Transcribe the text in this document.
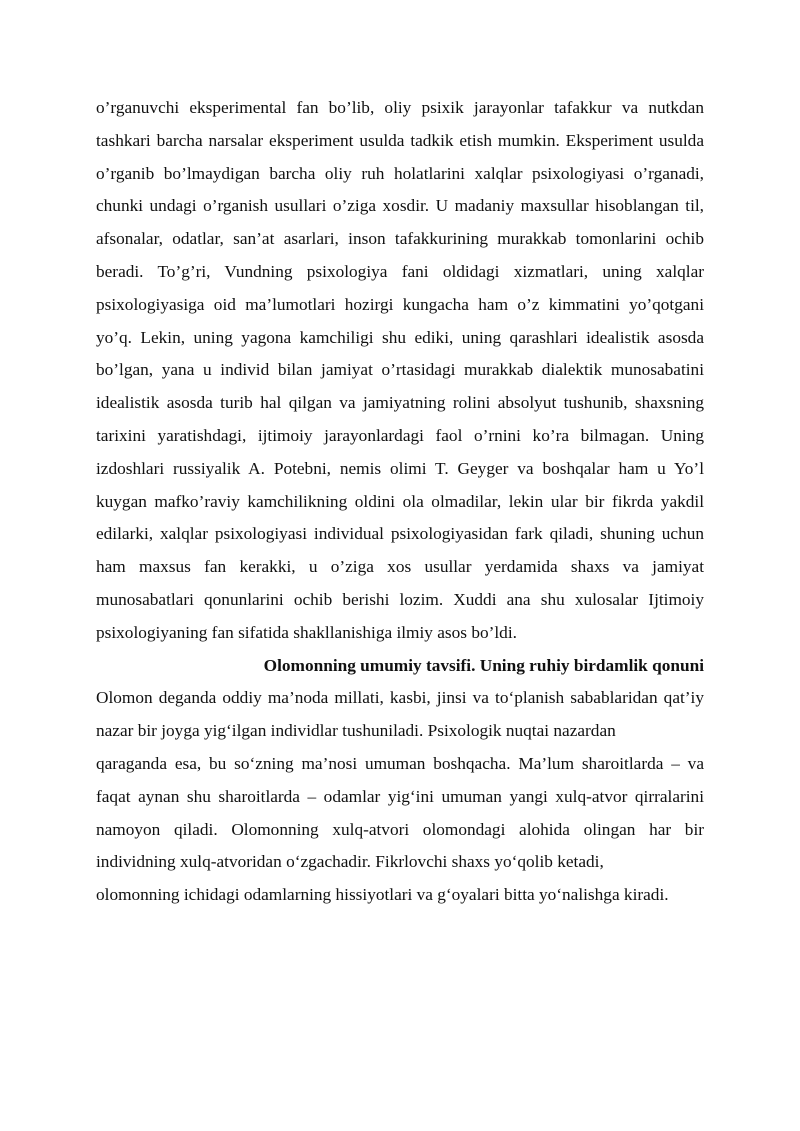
o’rganuvchi eksperimental fan bo’lib, oliy psixik jarayonlar tafakkur va nutkdan tashkari barcha narsalar eksperiment usulda tadkik etish mumkin. Eksperiment usulda o’rganib bo’lmaydigan barcha oliy ruh holatlarini xalqlar psixologiyasi o’rganadi, chunki undagi o’rganish usullari o’ziga xosdir. U madaniy maxsullar hisoblangan til, afsonalar, odatlar, san’at asarlari, inson tafakkurining murakkab tomonlarini ochib beradi. To’g’ri, Vundning psixologiya fani oldidagi xizmatlari, uning xalqlar psixologiyasiga oid ma’lumotlari hozirgi kungacha ham o’z kimmatini yo’qotgani yo’q. Lekin, uning yagona kamchiligi shu ediki, uning qarashlari idealistik asosda bo’lgan, yana u individ bilan jamiyat o’rtasidagi murakkab dialektik munosabatini idealistik asosda turib hal qilgan va jamiyatning rolini absolyut tushunib, shaxsning tarixini yaratishdagi, ijtimoiy jarayonlardagi faol o’rnini ko’ra bilmagan. Uning izdoshlari russiyalik A. Potebni, nemis olimi T. Geyger va boshqalar ham u Yo’l kuygan mafko’raviy kamchilikning oldini ola olmadilar, lekin ular bir fikrda yakdil edilarki, xalqlar psixologiyasi individual psixologiyasidan fark qiladi, shuning uchun ham maxsus fan kerakki, u o’ziga xos usullar yerdamida shaxs va jamiyat munosabatlari qonunlarini ochib berishi lozim. Xuddi ana shu xulosalar Ijtimoiy psixologiyaning fan sifatida shakllanishiga ilmiy asos bo’ldi.

Olomonning umumiy tavsifi. Uning ruhiy birdamlik qonuni

Olomon deganda oddiy ma’noda millati, kasbi, jinsi va to‘planish sabablaridan qat’iy nazar bir joyga yig‘ilgan individlar tushuniladi. Psixologik nuqtai nazardan

qaraganda esa, bu so‘zning ma’nosi umuman boshqacha. Ma’lum sharoitlarda – va faqat aynan shu sharoitlarda – odamlar yig‘ini umuman yangi xulq-atvor qirralarini namoyon qiladi. Olomonning xulq-atvori olomondagi alohida olingan har bir individning xulq-atvoridan o‘zgachadir. Fikrlovchi shaxs yo‘qolib ketadi,

olomonning ichidagi odamlarning hissiyotlari va g‘oyalari bitta yo‘nalishga kiradi.
